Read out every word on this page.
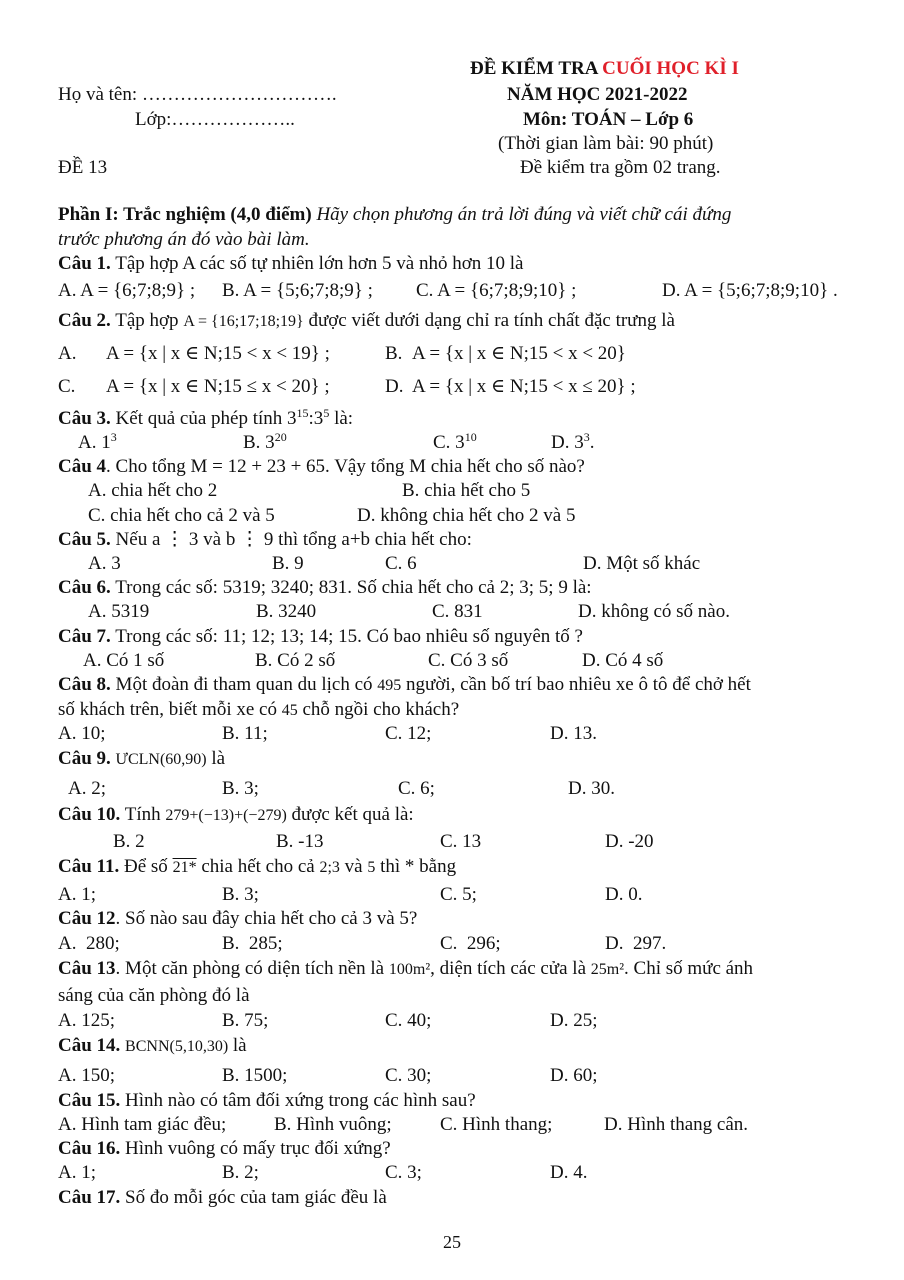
ĐỀ KIỂM TRA CUỐI HỌC KÌ I
Họ và tên: ………………………….	NĂM HỌC 2021-2022
Lớp:………………..	Môn: TOÁN – Lớp 6
(Thời gian làm bài: 90 phút)
ĐỀ 13	Đề kiểm tra gồm 02 trang.
Phần I: Trắc nghiệm (4,0 điểm) Hãy chọn phương án trả lời đúng và viết chữ cái đứng
trước phương án đó vào bài làm.
Câu 1. Tập hợp A các số tự nhiên lớn hơn 5 và nhỏ hơn 10 là
A. A = {6;7;8;9} ; B. A = {5;6;7;8;9} ; C. A = {6;7;8;9;10} ;	D. A = {5;6;7;8;9;10} .
Câu 2. Tập hợp A = {16;17;18;19} được viết dưới dạng chỉ ra tính chất đặc trưng là
A. A = {x | x ∈ N;15 < x < 19} ;	B. A = {x | x ∈ N;15 < x < 20}
C. A = {x | x ∈ N;15 ≤ x < 20} ;	D. A = {x | x ∈ N;15 < x ≤ 20} ;
Câu 3. Kết quả của phép tính $3^{15}:3^5$ là:
A. $1^3$	B. $3^{20}$	C. $3^{10}$	D. $3^3$.
Câu 4. Cho tổng M = 12 + 23 + 65. Vậy tổng M chia hết cho số nào?
A. chia hết cho 2	B. chia hết cho 5
C. chia hết cho cả 2 và 5	D. không chia hết cho 2 và 5
Câu 5. Nếu a ⋮ 3 và b ⋮ 9 thì tổng a+b chia hết cho:
A. 3	B. 9	C. 6	D. Một số khác
Câu 6. Trong các số: 5319; 3240; 831. Số chia hết cho cả 2; 3; 5; 9 là:
A. 5319	B. 3240	C. 831	D. không có số nào.
Câu 7. Trong các số: 11; 12; 13; 14; 15. Có bao nhiêu số nguyên tố ?
A. Có 1 số	B. Có 2 số	C. Có 3 số	D. Có 4 số
Câu 8. Một đoàn đi tham quan du lịch có 495 người, cần bố trí bao nhiêu xe ô tô để chở hết
số khách trên, biết mỗi xe có 45 chỗ ngồi cho khách?
A. 10;	B. 11;	C. 12;	D. 13.
Câu 9. ƯCLN(60,90) là
A. 2;	B. 3;	C. 6;	D. 30.
Câu 10. Tính 279+(−13)+(−279) được kết quả là:
B. 2	B. -13	C. 13	D. -20
Câu 11. Để số 21* chia hết cho cả 2;3 và 5 thì * bằng
A. 1;	B. 3;	C. 5;	D. 0.
Câu 12. Số nào sau đây chia hết cho cả 3 và 5?
A.  280;	B.  285;	C.  296;	D.  297.
Câu 13. Một căn phòng có diện tích nền là 100m², diện tích các cửa là 25m². Chỉ số mức ánh
sáng của căn phòng đó là
A. 125;	B. 75;	C. 40;	D. 25;
Câu 14. BCNN(5,10,30) là
A. 150;	B. 1500;	C. 30;	D. 60;
Câu 15. Hình nào có tâm đối xứng trong các hình sau?
A. Hình tam giác đều;	B. Hình vuông;	C. Hình thang;	D. Hình thang cân.
Câu 16. Hình vuông có mấy trục đối xứng?
A. 1;	B. 2;	C. 3;	D. 4.
Câu 17. Số đo mỗi góc của tam giác đều là
25
